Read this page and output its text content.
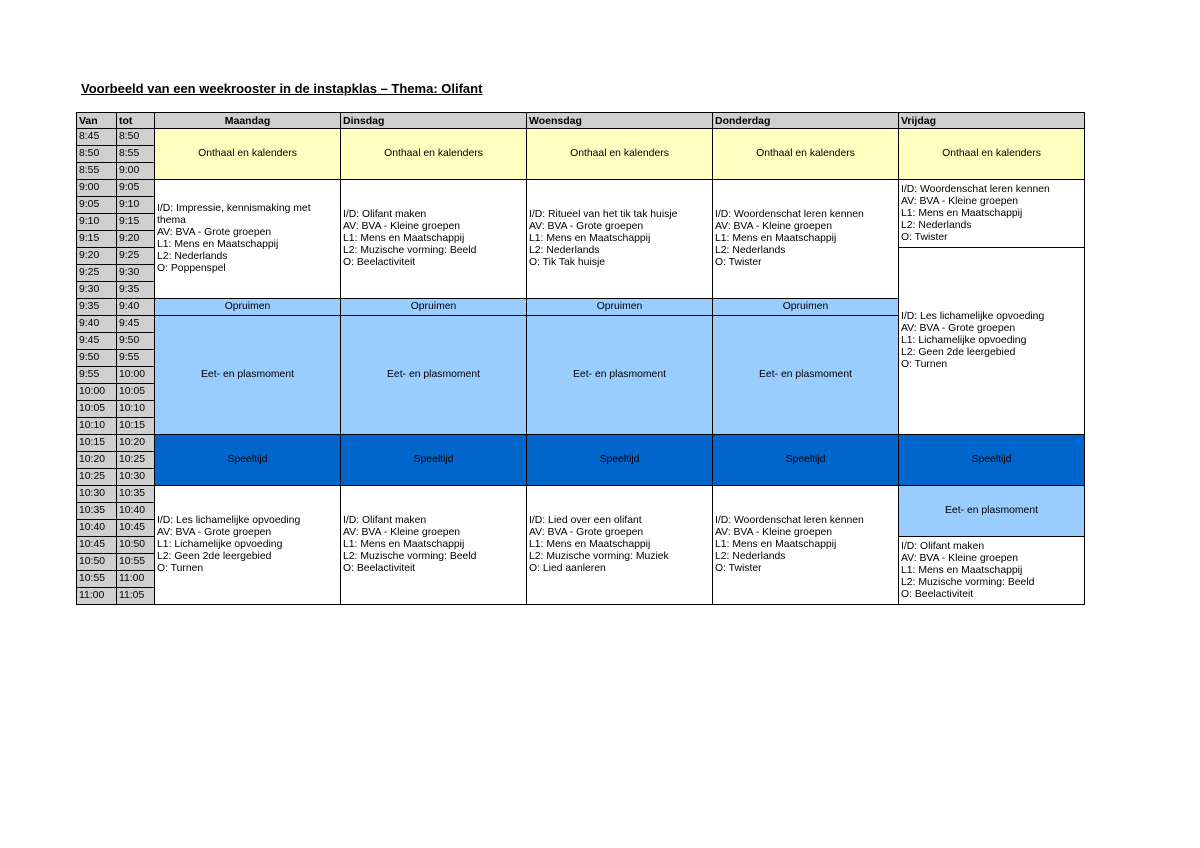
Voorbeeld van een weekrooster in de instapklas – Thema: Olifant
Van	tot	Maandag	Dinsdag	Woensdag	Donderdag	Vrijdag
8:45	8:50	Onthaal en kalenders	Onthaal en kalenders	Onthaal en kalenders	Onthaal en kalenders	Onthaal en kalenders
8:50	8:55					
8:55	9:00					
9:00	9:05	I/D: Impressie, kennismaking met thema
AV: BVA - Grote groepen
L1: Mens en Maatschappij
L2: Nederlands
O: Poppenspel	I/D: Olifant maken
AV: BVA - Kleine groepen
L1: Mens en Maatschappij
L2: Muzische vorming: Beeld
O: Beelactiviteit	I/D: Ritueel van het tik tak huisje
AV: BVA - Grote groepen
L1: Mens en Maatschappij
L2: Nederlands
O: Tik Tak huisje	I/D: Woordenschat leren kennen
AV: BVA - Kleine groepen
L1: Mens en Maatschappij
L2: Nederlands
O: Twister	I/D: Woordenschat leren kennen
AV: BVA - Kleine groepen
L1: Mens en Maatschappij
L2: Nederlands
O: Twister

9:05	9:10					
9:10	9:15					
9:15	9:20					
9:20	9:25					I/D: Les lichamelijke opvoeding
AV: BVA - Grote groepen
L1: Lichamelijke opvoeding
L2: Geen 2de leergebied
O: Turnen

9:25	9:30					
9:30	9:35					
9:35	9:40	Opruimen	Opruimen	Opruimen	Opruimen	
9:40	9:45	Eet- en plasmoment	Eet- en plasmoment	Eet- en plasmoment	Eet- en plasmoment	
9:45	9:50					
9:50	9:55					
9:55	10:00					
10:00	10:05					
10:05	10:10					
10:10	10:15					
10:15	10:20	Speeltijd	Speeltijd	Speeltijd	Speeltijd	Speeltijd
10:20	10:25					
10:25	10:30					
10:30	10:35	I/D: Les lichamelijke opvoeding
AV: BVA - Grote groepen
L1: Lichamelijke opvoeding
L2: Geen 2de leergebied
O: Turnen	I/D: Olifant maken
AV: BVA - Kleine groepen
L1: Mens en Maatschappij
L2: Muzische vorming: Beeld
O: Beelactiviteit	I/D: Lied over een olifant
AV: BVA - Grote groepen
L1: Mens en Maatschappij
L2: Muzische vorming: Muziek
O: Lied aanleren	I/D: Woordenschat leren kennen
AV: BVA - Kleine groepen
L1: Mens en Maatschappij
L2: Nederlands
O: Twister	Eet- en plasmoment
10:35	10:40					
10:40	10:45					
10:45	10:50					I/D: Olifant maken
AV: BVA - Kleine groepen
L1: Mens en Maatschappij
L2: Muzische vorming: Beeld
O: Beelactiviteit

10:50	10:55					
10:55	11:00					
11:00	11:05					
